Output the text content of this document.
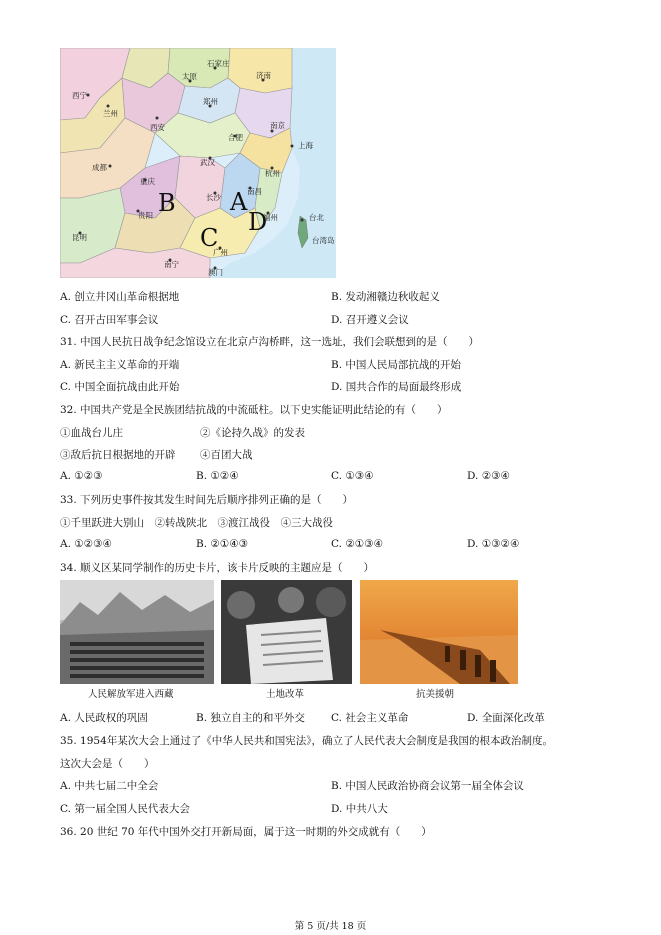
西宁
兰州
石家庄
太原	济南
西安
郑州
南京
合肥
上海
成都
武汉
杭州
重庆
长沙
南昌
台北
贵阳	福州
昆明
南宁
广州
澳门
台湾岛
A
B
C
D
A. 创立井冈山革命根据地	B. 发动湘赣边秋收起义
C. 召开古田军事会议	D. 召开遵义会议
31. 中国人民抗日战争纪念馆设立在北京卢沟桥畔，这一选址，我们会联想到的是（　　）
A. 新民主主义革命的开端	B. 中国人民局部抗战的开始
C. 中国全面抗战由此开始	D. 国共合作的局面最终形成
32. 中国共产党是全民族团结抗战的中流砥柱。以下史实能证明此结论的有（　　）
①血战台儿庄	②《论持久战》的发表
③敌后抗日根据地的开辟 ④百团大战
A. ①②③	B. ①②④	C. ①③④	D. ②③④
33. 下列历史事件按其发生时间先后顺序排列正确的是（　　）
①千里跃进大别山　②转战陕北　③渡江战役　④三大战役
A. ①②③④	B. ②①④③	C. ②①③④	D. ①③②④
34. 顺义区某同学制作的历史卡片，该卡片反映的主题应是（　　）
人民解放军进入西藏	土地改革	抗美援朝
A. 人民政权的巩固	B. 独立自主的和平外交 C. 社会主义革命	D. 全面深化改革
35. 1954年某次大会上通过了《中华人民共和国宪法》，确立了人民代表大会制度是我国的根本政治制度。
这次大会是（　　）
A. 中共七届二中全会	B. 中国人民政治协商会议第一届全体会议
C. 第一届全国人民代表大会	D. 中共八大
36. 20 世纪 70 年代中国外交打开新局面，属于这一时期的外交成就有（　　）
第 5 页/共 18 页
